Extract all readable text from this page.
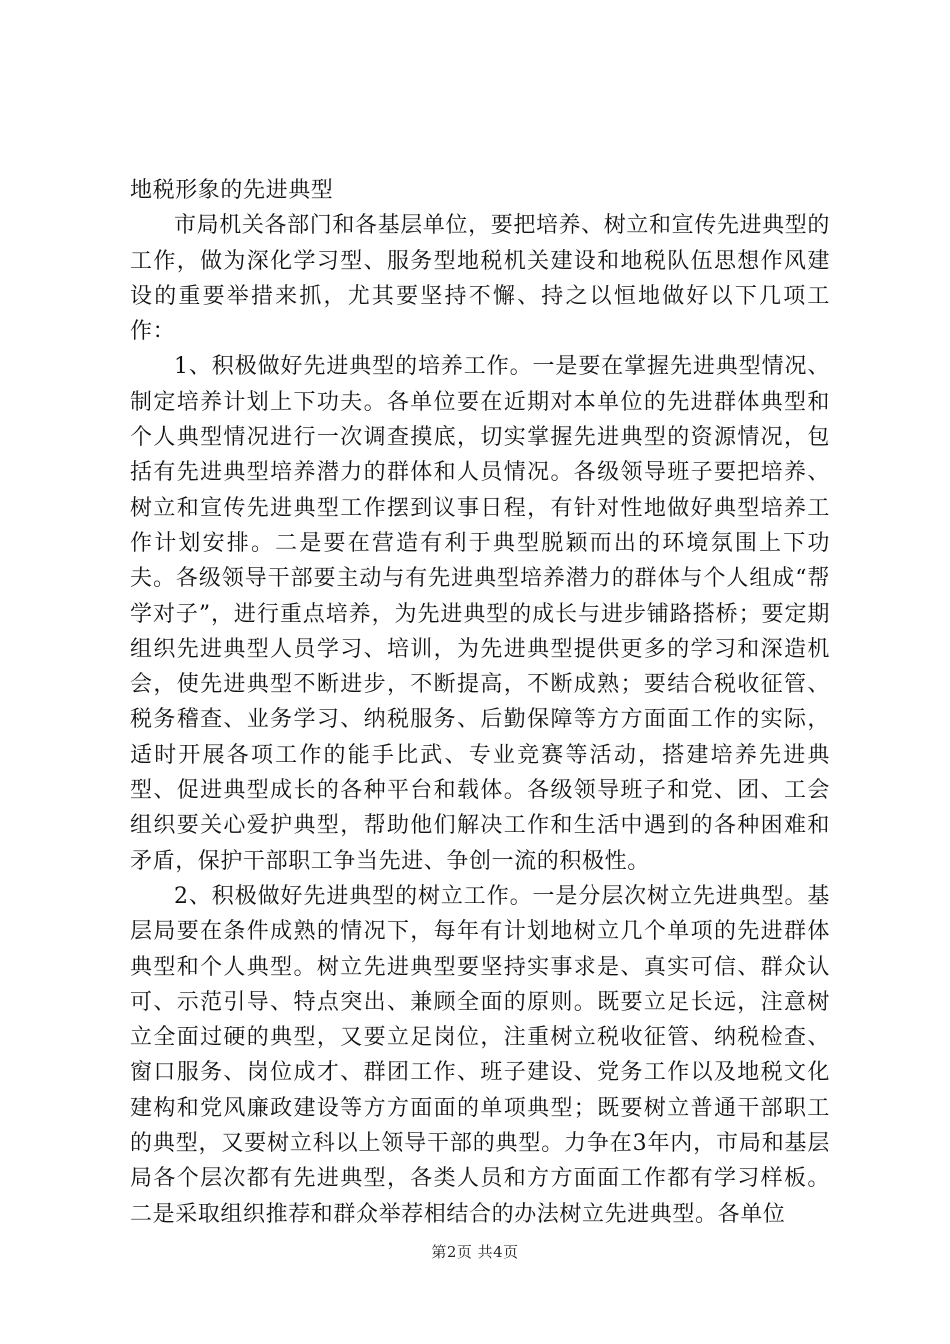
地税形象的先进典型

市局机关各部门和各基层单位，要把培养、树立和宣传先进典型的工作，做为深化学习型、服务型地税机关建设和地税队伍思想作风建设的重要举措来抓，尤其要坚持不懈、持之以恒地做好以下几项工作：

1、积极做好先进典型的培养工作。一是要在掌握先进典型情况、制定培养计划上下功夫。各单位要在近期对本单位的先进群体典型和个人典型情况进行一次调查摸底，切实掌握先进典型的资源情况，包括有先进典型培养潜力的群体和人员情况。各级领导班子要把培养、树立和宣传先进典型工作摆到议事日程，有针对性地做好典型培养工作计划安排。二是要在营造有利于典型脱颖而出的环境氛围上下功夫。各级领导干部要主动与有先进典型培养潜力的群体与个人组成“帮学对子”，进行重点培养，为先进典型的成长与进步铺路搭桥；要定期组织先进典型人员学习、培训，为先进典型提供更多的学习和深造机会，使先进典型不断进步，不断提高，不断成熟；要结合税收征管、税务稽查、业务学习、纳税服务、后勤保障等方方面面工作的实际，适时开展各项工作的能手比武、专业竞赛等活动，搭建培养先进典型、促进典型成长的各种平台和载体。各级领导班子和党、团、工会组织要关心爱护典型，帮助他们解决工作和生活中遇到的各种困难和矛盾，保护干部职工争当先进、争创一流的积极性。

2、积极做好先进典型的树立工作。一是分层次树立先进典型。基层局要在条件成熟的情况下，每年有计划地树立几个单项的先进群体典型和个人典型。树立先进典型要坚持实事求是、真实可信、群众认可、示范引导、特点突出、兼顾全面的原则。既要立足长远，注意树立全面过硬的典型，又要立足岗位，注重树立税收征管、纳税检查、窗口服务、岗位成才、群团工作、班子建设、党务工作以及地税文化建构和党风廉政建设等方方面面的单项典型；既要树立普通干部职工的典型，又要树立科以上领导干部的典型。力争在3年内，市局和基层局各个层次都有先进典型，各类人员和方方面面工作都有学习样板。二是采取组织推荐和群众举荐相结合的办法树立先进典型。各单位

第2页 共4页
